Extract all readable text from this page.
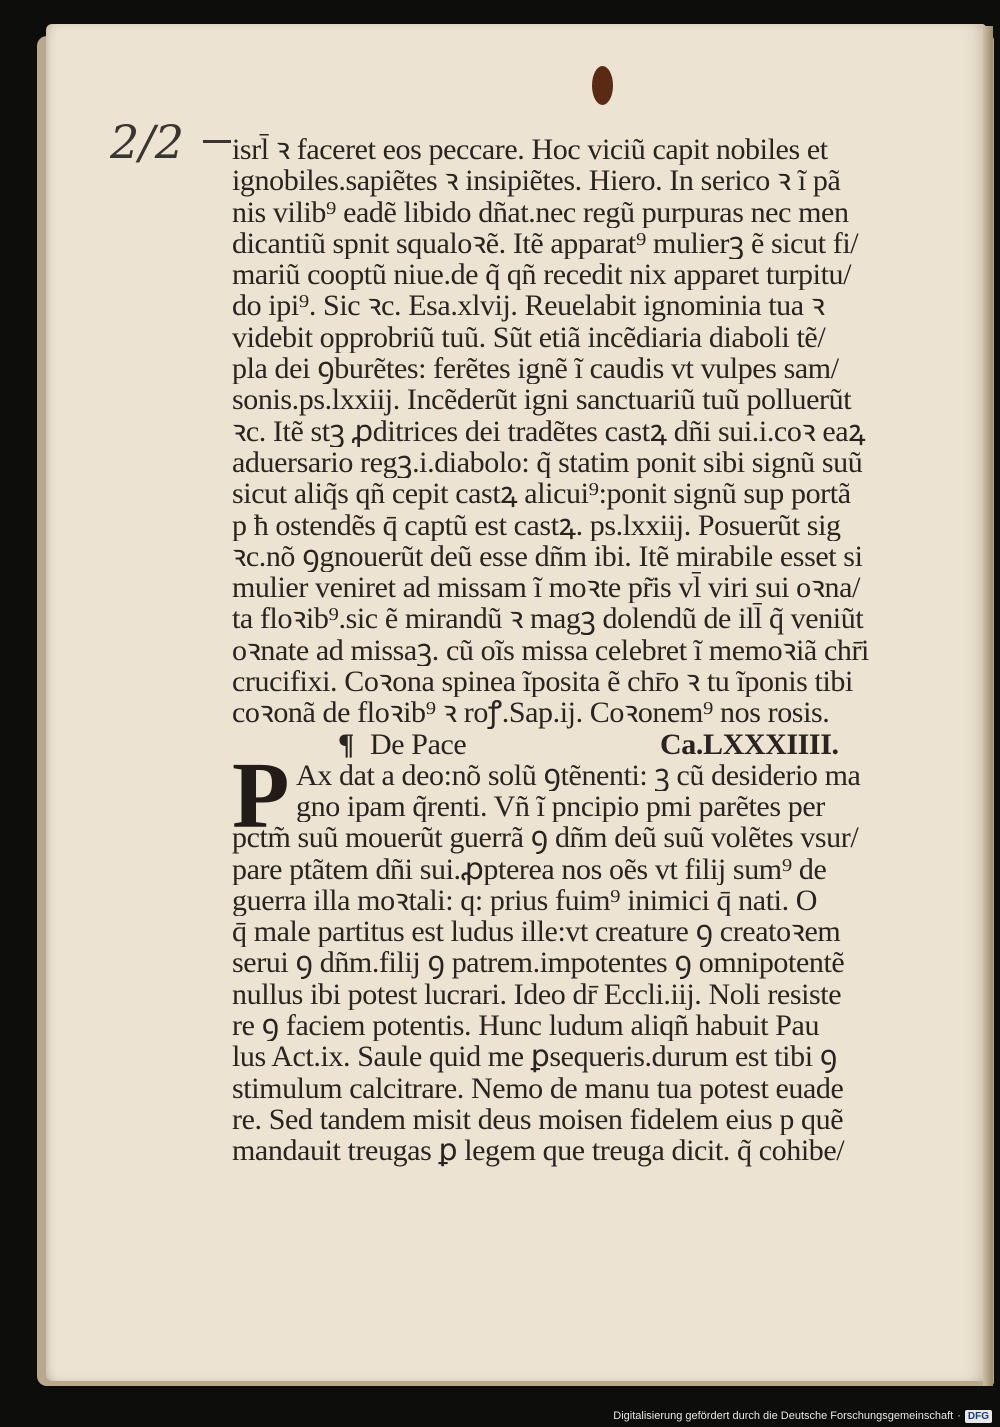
2/2	isrl̄ ꝛ faceret eos peccare. Hoc viciũ capit nobiles et
ignobiles.sapiẽtes ꝛ insipiẽtes. Hiero. In serico ꝛ ĩ pã
nis vilib⁹ eadẽ libido dñat.nec regũ purpuras nec men
dicantiũ spnit squaloꝛẽ. Itẽ apparat⁹ mulierꝫ ẽ sicut fi/
mariũ cooptũ niue.de q̃ qñ recedit nix apparet turpitu/
do ipi⁹. Sic ꝛc. Esa.xlvij. Reuelabit ignominia tua ꝛ
videbit opprobriũ tuũ. Sũt etiã incẽdiaria diaboli tẽ/
pla dei ꝯburẽtes: ferẽtes ignẽ ĩ caudis vt vulpes sam/
sonis.ps.lxxiij. Incẽderũt igni sanctuariũ tuũ polluerũt
ꝛc. Itẽ stꝫ ꝓditrices dei tradẽtes castꝝ dñi sui.i.coꝛ eaꝝ
aduersario regꝫ.i.diabolo: q̃ statim ponit sibi signũ suũ
sicut aliq̃s qñ cepit castꝝ alicui⁹:ponit signũ sup portã
p ħ ostendẽs q̄ captũ est castꝝ. ps.lxxiij. Posuerũt sig
ꝛc.nõ ꝯgnouerũt deũ esse dñm ibi. Itẽ mirabile esset si
mulier veniret ad missam ĩ moꝛte pr̃is vl̄ viri sui oꝛna/
ta floꝛib⁹.sic ẽ mirandũ ꝛ magꝫ dolendũ de ill̄ q̃ veniũt
oꝛnate ad missaꝫ. cũ oĩs missa celebret ĩ memoꝛiã chr̄i
crucifixi. Coꝛona spinea ĩposita ẽ chr̄o ꝛ tu ĩponis tibi
coꝛonã de floꝛib⁹ ꝛ roꝭ.Sap.ij. Coꝛonem⁹ nos rosis.
¶ De Pace	Ca.LXXXIIII.
P Ax dat a deo:nõ solũ ꝯtẽnenti: ꝫ cũ desiderio ma
gno ipam q̃renti. Vñ ĩ pncipio pmi parẽtes per
pctm̃ suũ mouerũt guerrã ꝯ dñm deũ suũ volẽtes vsur/
pare ptãtem dñi sui.ꝓpterea nos oẽs vt filij sum⁹ de
guerra illa moꝛtali: q: prius fuim⁹ inimici q̄ nati. O
q̄ male partitus est ludus ille:vt creature ꝯ creatoꝛem
serui ꝯ dñm.filij ꝯ patrem.impotentes ꝯ omnipotentẽ
nullus ibi potest lucrari. Ideo dr̄ Eccli.iij. Noli resiste
re ꝯ faciem potentis. Hunc ludum aliqñ habuit Pau
lus Act.ix. Saule quid me ꝑsequeris.durum est tibi ꝯ
stimulum calcitrare. Nemo de manu tua potest euade
re. Sed tandem misit deus moisen fidelem eius p quẽ
mandauit treugas ꝑ legem que treuga dicit. q̃ cohibe/
Digitalisierung gefördert durch die Deutsche Forschungsgemeinschaft · DFG
